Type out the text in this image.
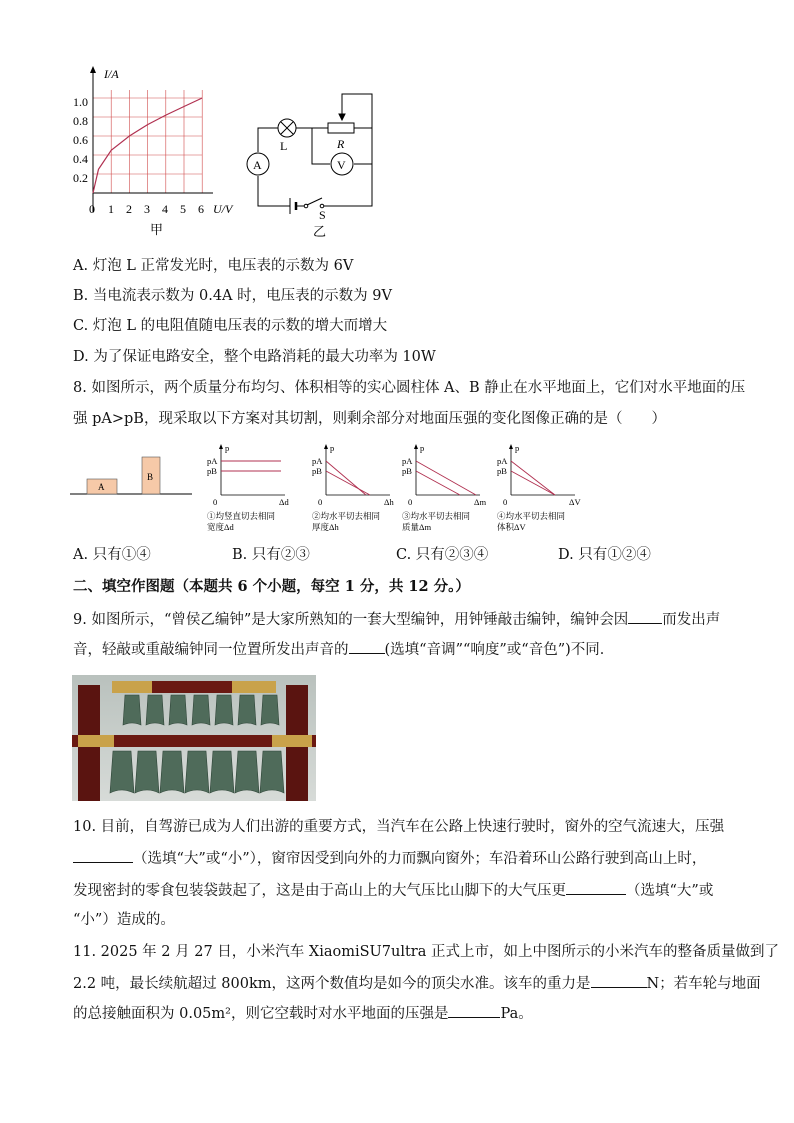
I/A
1.0
0.8
0.6
0.4
0.2
0 1 2 3 4 5 6 U/V
甲
L	R
A	V
S
乙
A. 灯泡 L 正常发光时，电压表的示数为 6V
B. 当电流表示数为 0.4A 时，电压表的示数为 9V
C. 灯泡 L 的电阻值随电压表的示数的增大而增大
D. 为了保证电路安全，整个电路消耗的最大功率为 10W
8. 如图所示，两个质量分布均匀、体积相等的实心圆柱体 A、B 静止在水平地面上，它们对水平地面的压
强 pA>pB，现采取以下方案对其切割，则剩余部分对地面压强的变化图像正确的是（　　）
A
B
p
pA
pB
0	Δd
①均竖直切去相同
宽度Δd
p
pA
pB
0	Δh
②均水平切去相同
厚度Δh
p
pA
pB
0	Δm
③均水平切去相同
质量Δm
p
pA
pB
0	ΔV
④均水平切去相同
体积ΔV
A. 只有①④	B. 只有②③	C. 只有②③④	D. 只有①②④
二、填空作图题（本题共 6 个小题，每空 1 分，共 12 分。）
9. 如图所示，“曾侯乙编钟”是大家所熟知的一套大型编钟，用钟锤敲击编钟，编钟会因 而发出声
音，轻敲或重敲编钟同一位置所发出声音的 (选填“音调”“响度”或“音色”)不同．
10. 目前，自驾游已成为人们出游的重要方式，当汽车在公路上快速行驶时，窗外的空气流速大，压强
（选填“大”或“小”），窗帘因受到向外的力而飘向窗外；车沿着环山公路行驶到高山上时，
发现密封的零食包装袋鼓起了，这是由于高山上的大气压比山脚下的大气压更	（选填“大”或
“小”）造成的。
11. 2025 年 2 月 27 日，小米汽车 XiaomiSU7ultra 正式上市，如上中图所示的小米汽车的整备质量做到了
2.2 吨，最长续航超过 800km，这两个数值均是如今的顶尖水准。该车的重力是	N；若车轮与地面
的总接触面积为 0.05m²，则它空载时对水平地面的压强是	Pa。
